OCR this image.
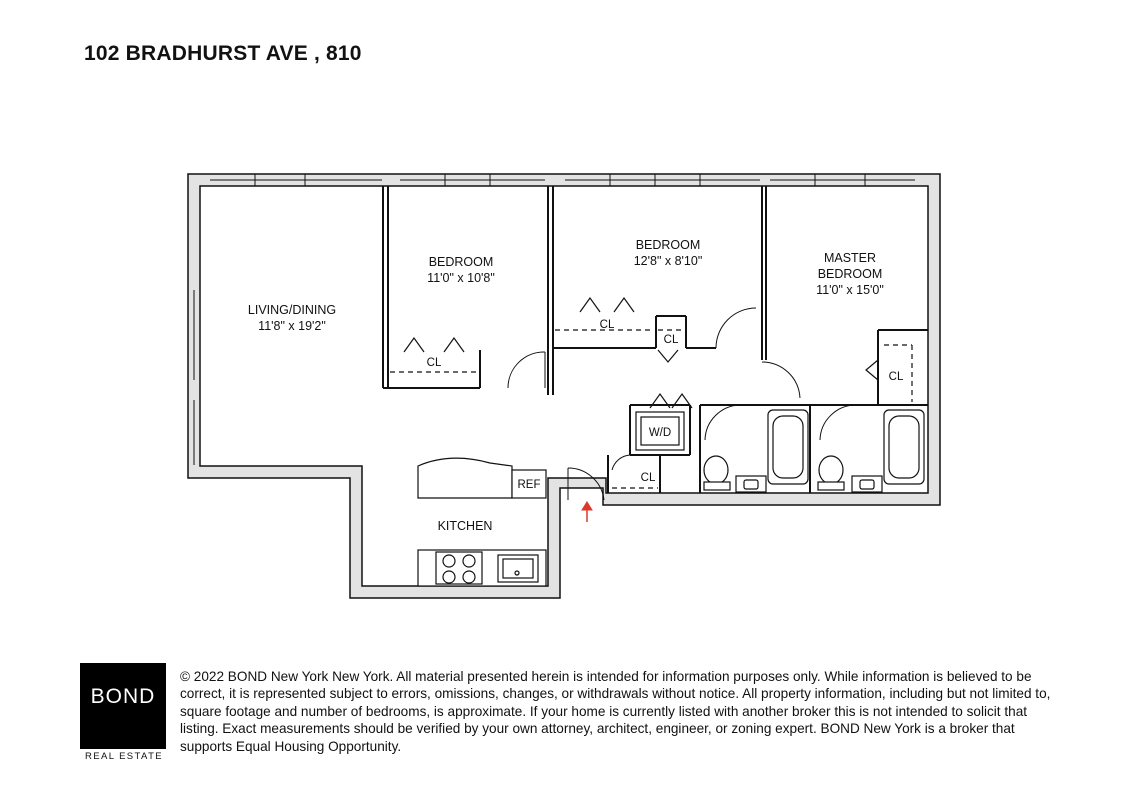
102 BRADHURST AVE , 810
LIVING/DINING
11'8" x 19'2"
BEDROOM
11'0" x 10'8"
BEDROOM
12'8" x 8'10"	MASTER
BEDROOM
11'0" x 15'0"
KITCHEN
CL
CL
CL
CL
CL
W/D
REF
BOND
REAL ESTATE
© 2022 BOND New York New York. All material presented herein is intended for information purposes only. While information is believed to be correct, it is represented subject to errors, omissions, changes, or withdrawals without notice. All property information, including but not limited to, square footage and number of bedrooms, is approximate. If your home is currently listed with another broker this is not intended to solicit that listing. Exact measurements should be verified by your own attorney, architect, engineer, or zoning expert. BOND New York is a broker that supports Equal Housing Opportunity.
